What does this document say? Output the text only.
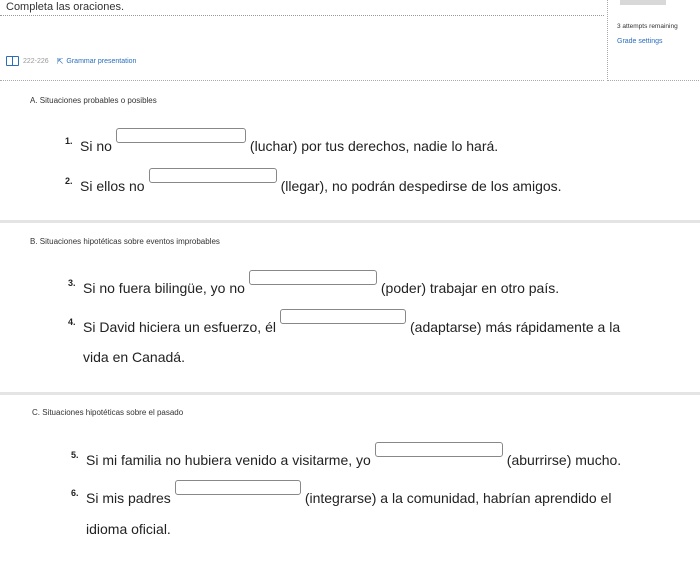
Completa las oraciones.
3 attempts remaining
Grade settings
222-226 ⇱ Grammar presentation
A. Situaciones probables o posibles
1. Si no	(luchar) por tus derechos, nadie lo hará.
2. Si ellos no	(llegar), no podrán despedirse de los amigos.
B. Situaciones hipotéticas sobre eventos improbables
3. Si no fuera bilingüe, yo no	(poder) trabajar en otro país.
4. Si David hiciera un esfuerzo, él	(adaptarse) más rápidamente a la
vida en Canadá.
C. Situaciones hipotéticas sobre el pasado
5. Si mi familia no hubiera venido a visitarme, yo	(aburrirse) mucho.
6. Si mis padres	(integrarse) a la comunidad, habrían aprendido el
idioma oficial.
